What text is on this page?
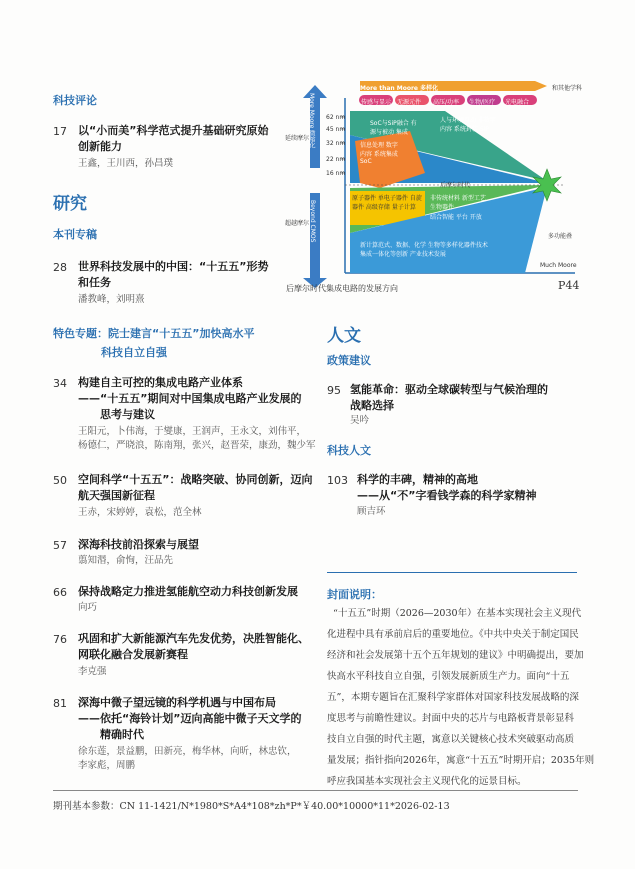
科技评论
17 以“小而美”科学范式提升基础研究原始
创新能力
王鑫，王川西，孙昌璞
研究
本刊专稿
28 世界科技发展中的中国：“十五五”形势
和任务
潘教峰，刘明熹
特色专题：院士建言“十五五”加快高水平
科技自立自强
34 构建自主可控的集成电路产业体系
——“十五五”期间对中国集成电路产业发展的
思考与建议
王阳元，卜伟海，于燮康，王润声，王永文，刘伟平，
杨德仁，严晓浪，陈南翔，张兴，赵晋荣，康劲，魏少军
50 空间科学“十五五”：战略突破、协同创新，迈向
航天强国新征程
王赤，宋婷婷，袁松，范全林
57 深海科技前沿探索与展望
翦知湣，俞恂，汪品先
66 保持战略定力推进氢能航空动力科技创新发展
向巧
76 巩固和扩大新能源汽车先发优势，决胜智能化、
网联化融合发展新赛程
李克强
81 深海中微子望远镜的科学机遇与中国布局
——依托“海铃计划”迈向高能中微子天文学的
精确时代
徐东莲，景益鹏，田新亮，梅华林，向昕，林忠钦，
李家彪，周鹏
More than Moore 多样化	和其他学科
传感与显示 无源元件 高压/功率 生物/医疗 光电融合
延续摩尔
超越摩尔
More Moore 微缩化
Beyond CMOS
62 nm
45 nm
32 nm
22 nm
16 nm
后摩尔时代
Much Moore
多功能叠
人与环境互动 非数字内容 系统封装 SiP
SoC与SiP融合 有源与被动 集成
信息处理 数字内容 系统集成 SoC
原子器件 单电子器件 自旋器件 高级存储 量子计算
非传统材料 新型工艺 生物器件
结合智能 平台 开放
新计算范式、数据、化学 生物等多样化器件技术 集成一体化等创新 产业技术发展
后摩尔时代集成电路的发展方向	P44
人文
政策建议
95 氢能革命：驱动全球碳转型与气候治理的
战略选择
吴吟
科技人文
103 科学的丰碑，精神的高地
——从“不”字看钱学森的科学家精神
顾吉环
封面说明：
“十五五”时期（2026—2030年）在基本实现社会主义现代
化进程中具有承前启后的重要地位。《中共中央关于制定国民
经济和社会发展第十五个五年规划的建议》中明确提出，要加
快高水平科技自立自强，引领发展新质生产力。面向“十五
五”，本期专题旨在汇聚科学家群体对国家科技发展战略的深
度思考与前瞻性建议。封面中央的芯片与电路板背景彰显科
技自立自强的时代主题，寓意以关键核心技术突破驱动高质
量发展；指针指向2026年，寓意“十五五”时期开启；2035年则
呼应我国基本实现社会主义现代化的远景目标。
期刊基本参数：CN 11-1421/N*1980*S*A4*108*zh*P*￥40.00*10000*11*2026-02-13
